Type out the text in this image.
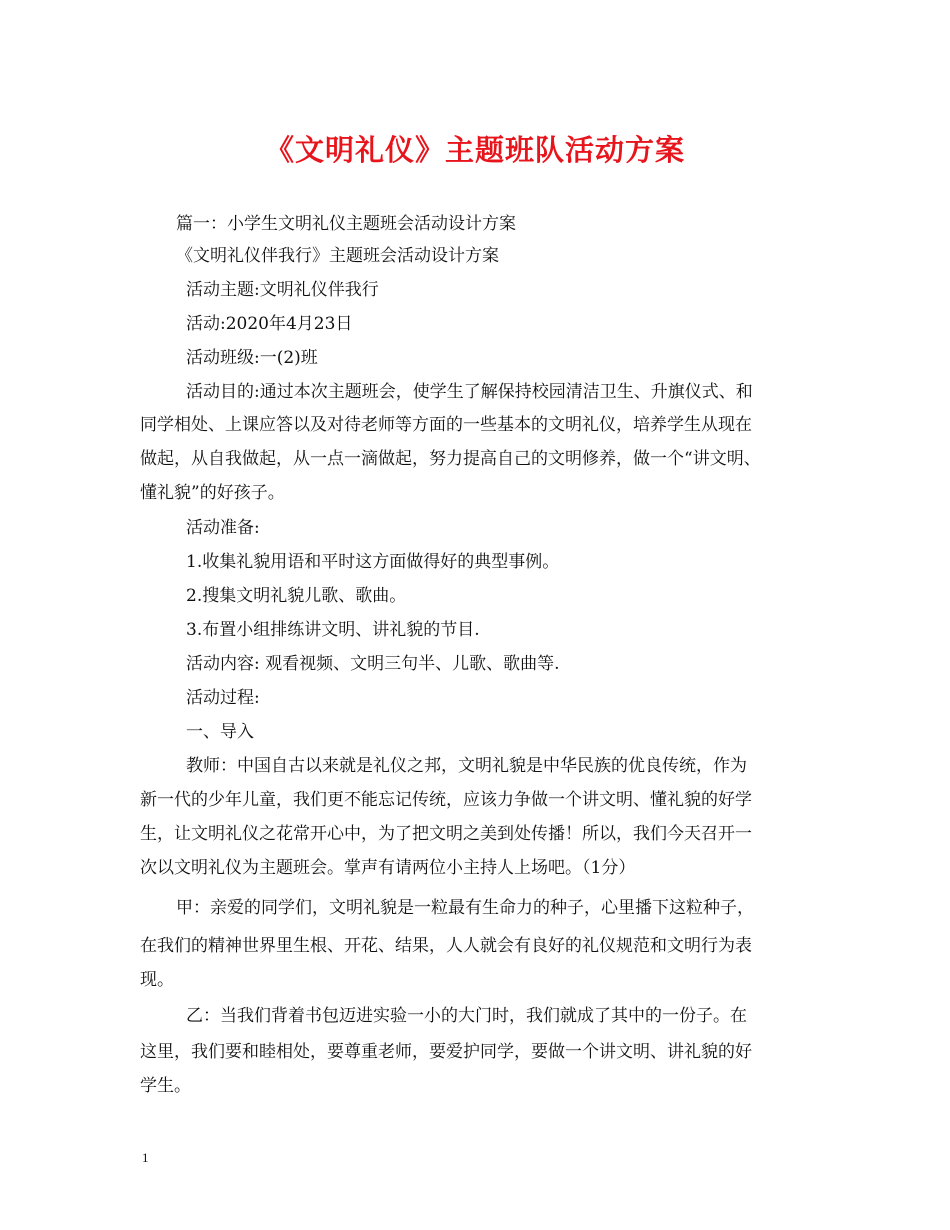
《文明礼仪》主题班队活动方案
篇一：小学生文明礼仪主题班会活动设计方案
《文明礼仪伴我行》主题班会活动设计方案
活动主题:文明礼仪伴我行
活动:2020年4月23日
活动班级:一(2)班
活动目的:通过本次主题班会，使学生了解保持校园清洁卫生、升旗仪式、和
同学相处、上课应答以及对待老师等方面的一些基本的文明礼仪，培养学生从现在
做起，从自我做起，从一点一滴做起，努力提高自己的文明修养，做一个“讲文明、
懂礼貌”的好孩子。
活动准备:
1.收集礼貌用语和平时这方面做得好的典型事例。
2.搜集文明礼貌儿歌、歌曲。
3.布置小组排练讲文明、讲礼貌的节目.
活动内容: 观看视频、文明三句半、儿歌、歌曲等.
活动过程:
一、导入
教师：中国自古以来就是礼仪之邦，文明礼貌是中华民族的优良传统，作为
新一代的少年儿童，我们更不能忘记传统，应该力争做一个讲文明、懂礼貌的好学
生，让文明礼仪之花常开心中，为了把文明之美到处传播！所以，我们今天召开一
次以文明礼仪为主题班会。掌声有请两位小主持人上场吧。（1分）
甲：亲爱的同学们，文明礼貌是一粒最有生命力的种子，心里播下这粒种子，
在我们的精神世界里生根、开花、结果，人人就会有良好的礼仪规范和文明行为表
现。
乙：当我们背着书包迈进实验一小的大门时，我们就成了其中的一份子。在
这里，我们要和睦相处，要尊重老师，要爱护同学，要做一个讲文明、讲礼貌的好
学生。
1
